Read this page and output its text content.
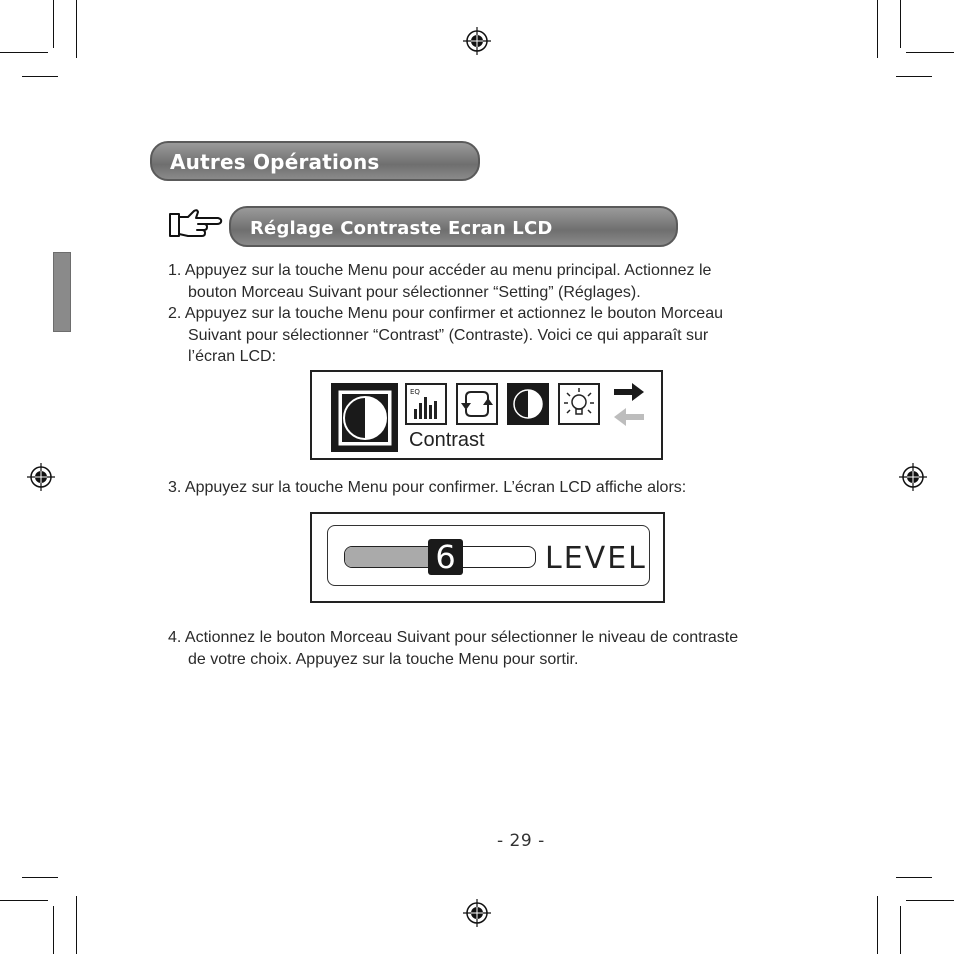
Autres Opérations
Réglage Contraste Ecran LCD
1. Appuyez sur la touche Menu pour accéder au menu principal. Actionnez le
bouton Morceau Suivant pour sélectionner “Setting” (Réglages).
2. Appuyez sur la touche Menu pour confirmer et actionnez le bouton Morceau
Suivant pour sélectionner “Contrast” (Contraste). Voici ce qui apparaît sur
l’écran LCD:
EQ
Contrast
3. Appuyez sur la touche Menu pour confirmer. L’écran LCD affiche alors:
6	LEVEL
4. Actionnez le bouton Morceau Suivant pour sélectionner le niveau de contraste
de votre choix. Appuyez sur la touche Menu pour sortir.
- 29 -
